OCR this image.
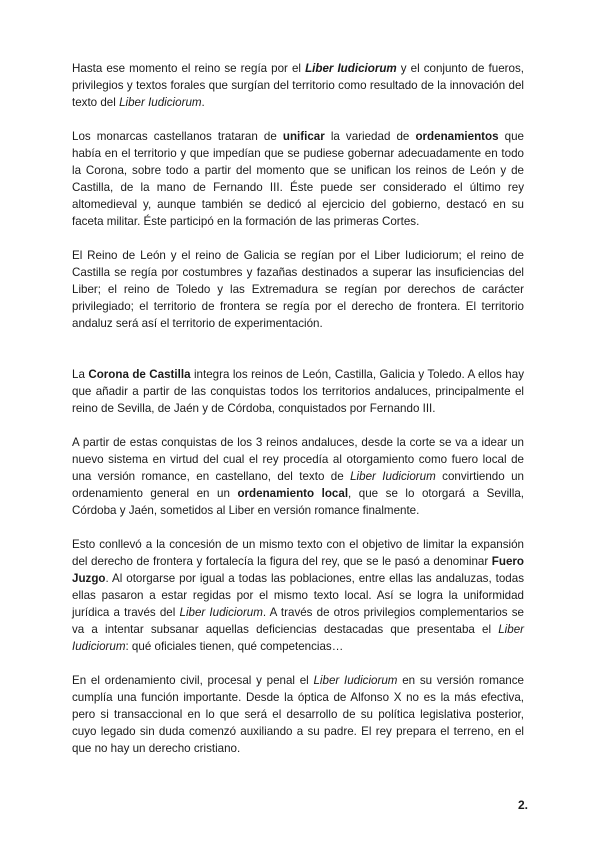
Hasta ese momento el reino se regía por el Liber Iudiciorum y el conjunto de fueros, privilegios y textos forales que surgían del territorio como resultado de la innovación del texto del Liber Iudiciorum.

Los monarcas castellanos trataran de unificar la variedad de ordenamientos que había en el territorio y que impedían que se pudiese gobernar adecuadamente en todo la Corona, sobre todo a partir del momento que se unifican los reinos de León y de Castilla, de la mano de Fernando III. Éste puede ser considerado el último rey altomedieval y, aunque también se dedicó al ejercicio del gobierno, destacó en su faceta militar. Éste participó en la formación de las primeras Cortes.

El Reino de León y el reino de Galicia se regían por el Liber Iudiciorum; el reino de Castilla se regía por costumbres y fazañas destinados a superar las insuficiencias del Liber; el reino de Toledo y las Extremadura se regían por derechos de carácter privilegiado; el territorio de frontera se regía por el derecho de frontera. El territorio andaluz será así el territorio de experimentación.

La Corona de Castilla integra los reinos de León, Castilla, Galicia y Toledo. A ellos hay que añadir a partir de las conquistas todos los territorios andaluces, principalmente el reino de Sevilla, de Jaén y de Córdoba, conquistados por Fernando III.

A partir de estas conquistas de los 3 reinos andaluces, desde la corte se va a idear un nuevo sistema en virtud del cual el rey procedía al otorgamiento como fuero local de una versión romance, en castellano, del texto de Liber Iudiciorum convirtiendo un ordenamiento general en un ordenamiento local, que se lo otorgará a Sevilla, Córdoba y Jaén, sometidos al Liber en versión romance finalmente.

Esto conllevó a la concesión de un mismo texto con el objetivo de limitar la expansión del derecho de frontera y fortalecía la figura del rey, que se le pasó a denominar Fuero Juzgo. Al otorgarse por igual a todas las poblaciones, entre ellas las andaluzas, todas ellas pasaron a estar regidas por el mismo texto local. Así se logra la uniformidad jurídica a través del Liber Iudiciorum. A través de otros privilegios complementarios se va a intentar subsanar aquellas deficiencias destacadas que presentaba el Liber Iudiciorum: qué oficiales tienen, qué competencias…

En el ordenamiento civil, procesal y penal el Liber Iudiciorum en su versión romance cumplía una función importante. Desde la óptica de Alfonso X no es la más efectiva, pero si transaccional en lo que será el desarrollo de su política legislativa posterior, cuyo legado sin duda comenzó auxiliando a su padre. El rey prepara el terreno, en el que no hay un derecho cristiano.

2.
